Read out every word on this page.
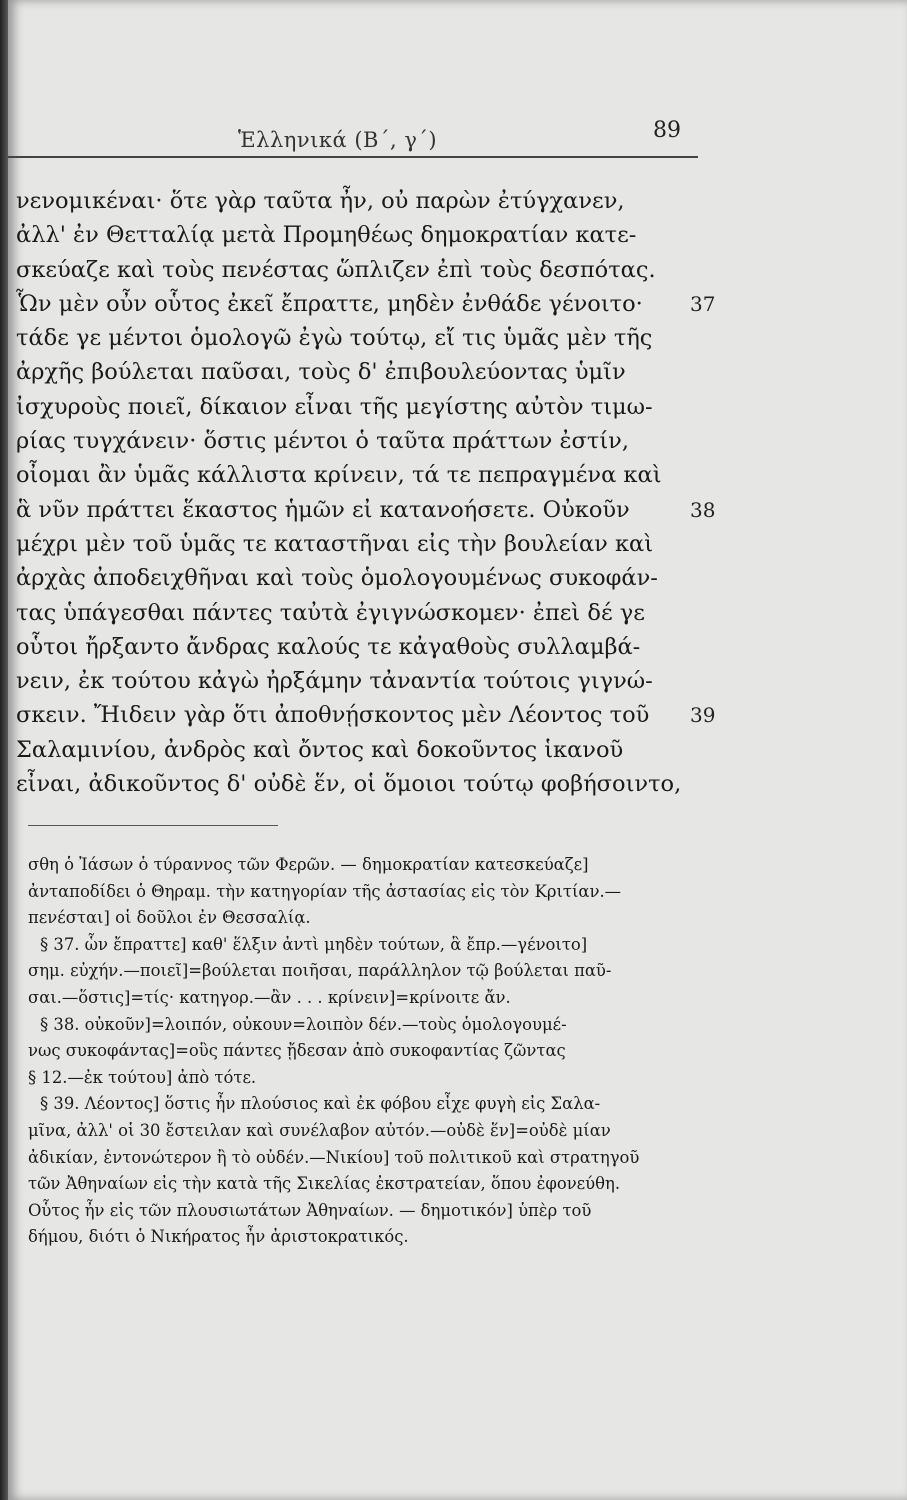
Ἑλληνικά (Β΄, γ΄)	89
νενομικέναι· ὅτε γὰρ ταῦτα ἦν, οὐ παρὼν ἐτύγχανεν,
ἀλλ' ἐν Θετταλίᾳ μετὰ Προμηθέως δημοκρατίαν κατε-
σκεύαζε καὶ τοὺς πενέστας ὥπλιζεν ἐπὶ τοὺς δεσπότας.
Ὧν μὲν οὖν οὗτος ἐκεῖ ἔπραττε, μηδὲν ἐνθάδε γένοιτο· 37
τάδε γε μέντοι ὁμολογῶ ἐγὼ τούτῳ, εἴ τις ὑμᾶς μὲν τῆς
ἀρχῆς βούλεται παῦσαι, τοὺς δ' ἐπιβουλεύοντας ὑμῖν
ἰσχυροὺς ποιεῖ, δίκαιον εἶναι τῆς μεγίστης αὐτὸν τιμω-
ρίας τυγχάνειν· ὅστις μέντοι ὁ ταῦτα πράττων ἐστίν,
οἶομαι ἂν ὑμᾶς κάλλιστα κρίνειν, τά τε πεπραγμένα καὶ
ἃ νῦν πράττει ἕκαστος ἡμῶν εἰ κατανοήσετε. Οὐκοῦν	38
μέχρι μὲν τοῦ ὑμᾶς τε καταστῆναι εἰς τὴν βουλείαν καὶ
ἀρχὰς ἀποδειχθῆναι καὶ τοὺς ὁμολογουμένως συκοφάν-
τας ὑπάγεσθαι πάντες ταὐτὰ ἐγιγνώσκομεν· ἐπεὶ δέ γε
οὗτοι ἤρξαντο ἄνδρας καλούς τε κἀγαθοὺς συλλαμβά-
νειν, ἐκ τούτου κἀγὼ ἠρξάμην τἀναντία τούτοις γιγνώ-
σκειν. Ἤιδειν γὰρ ὅτι ἀποθνῄσκοντος μὲν Λέοντος τοῦ 39
Σαλαμινίου, ἀνδρὸς καὶ ὄντος καὶ δοκοῦντος ἱκανοῦ
εἶναι, ἀδικοῦντος δ' οὐδὲ ἕν, οἱ ὅμοιοι τούτῳ φοβήσοιντο,
σθη ὁ Ἰάσων ὁ τύραννος τῶν Φερῶν. — δημοκρατίαν κατεσκεύαζε]
ἀνταποδίδει ὁ Θηραμ. τὴν κατηγορίαν τῆς ἀστασίας εἰς τὸν Κριτίαν.—
πενέσται] οἱ δοῦλοι ἐν Θεσσαλίᾳ.
§ 37. ὧν ἔπραττε] καθ' ἕλξιν ἀντὶ μηδὲν τούτων, ἃ ἔπρ.—γένοιτο]
σημ. εὐχήν.—ποιεῖ]=βούλεται ποιῆσαι, παράλληλον τῷ βούλεται παῦ-
σαι.—ὅστις]=τίς· κατηγορ.—ἂν . . . κρίνειν]=κρίνοιτε ἄν.
§ 38. οὐκοῦν]=λοιπόν, οὐκουν=λοιπὸν δέν.—τοὺς ὁμολογουμέ-
νως συκοφάντας]=οὓς πάντες ᾔδεσαν ἀπὸ συκοφαντίας ζῶντας
§ 12.—ἐκ τούτου] ἀπὸ τότε.
§ 39. Λέοντος] ὅστις ἦν πλούσιος καὶ ἐκ φόβου εἶχε φυγὴ εἰς Σαλα-
μῖνα, ἀλλ' οἱ 30 ἔστειλαν καὶ συνέλαβον αὐτόν.—οὐδὲ ἕν]=οὐδὲ μίαν
ἀδικίαν, ἐντονώτερον ἢ τὸ οὐδέν.—Νικίου] τοῦ πολιτικοῦ καὶ στρατηγοῦ
τῶν Ἀθηναίων εἰς τὴν κατὰ τῆς Σικελίας ἐκστρατείαν, ὅπου ἐφονεύθη.
Οὗτος ἦν εἰς τῶν πλουσιωτάτων Ἀθηναίων. — δημοτικόν] ὑπὲρ τοῦ
δήμου, διότι ὁ Νικήρατος ἦν ἀριστοκρατικός.
